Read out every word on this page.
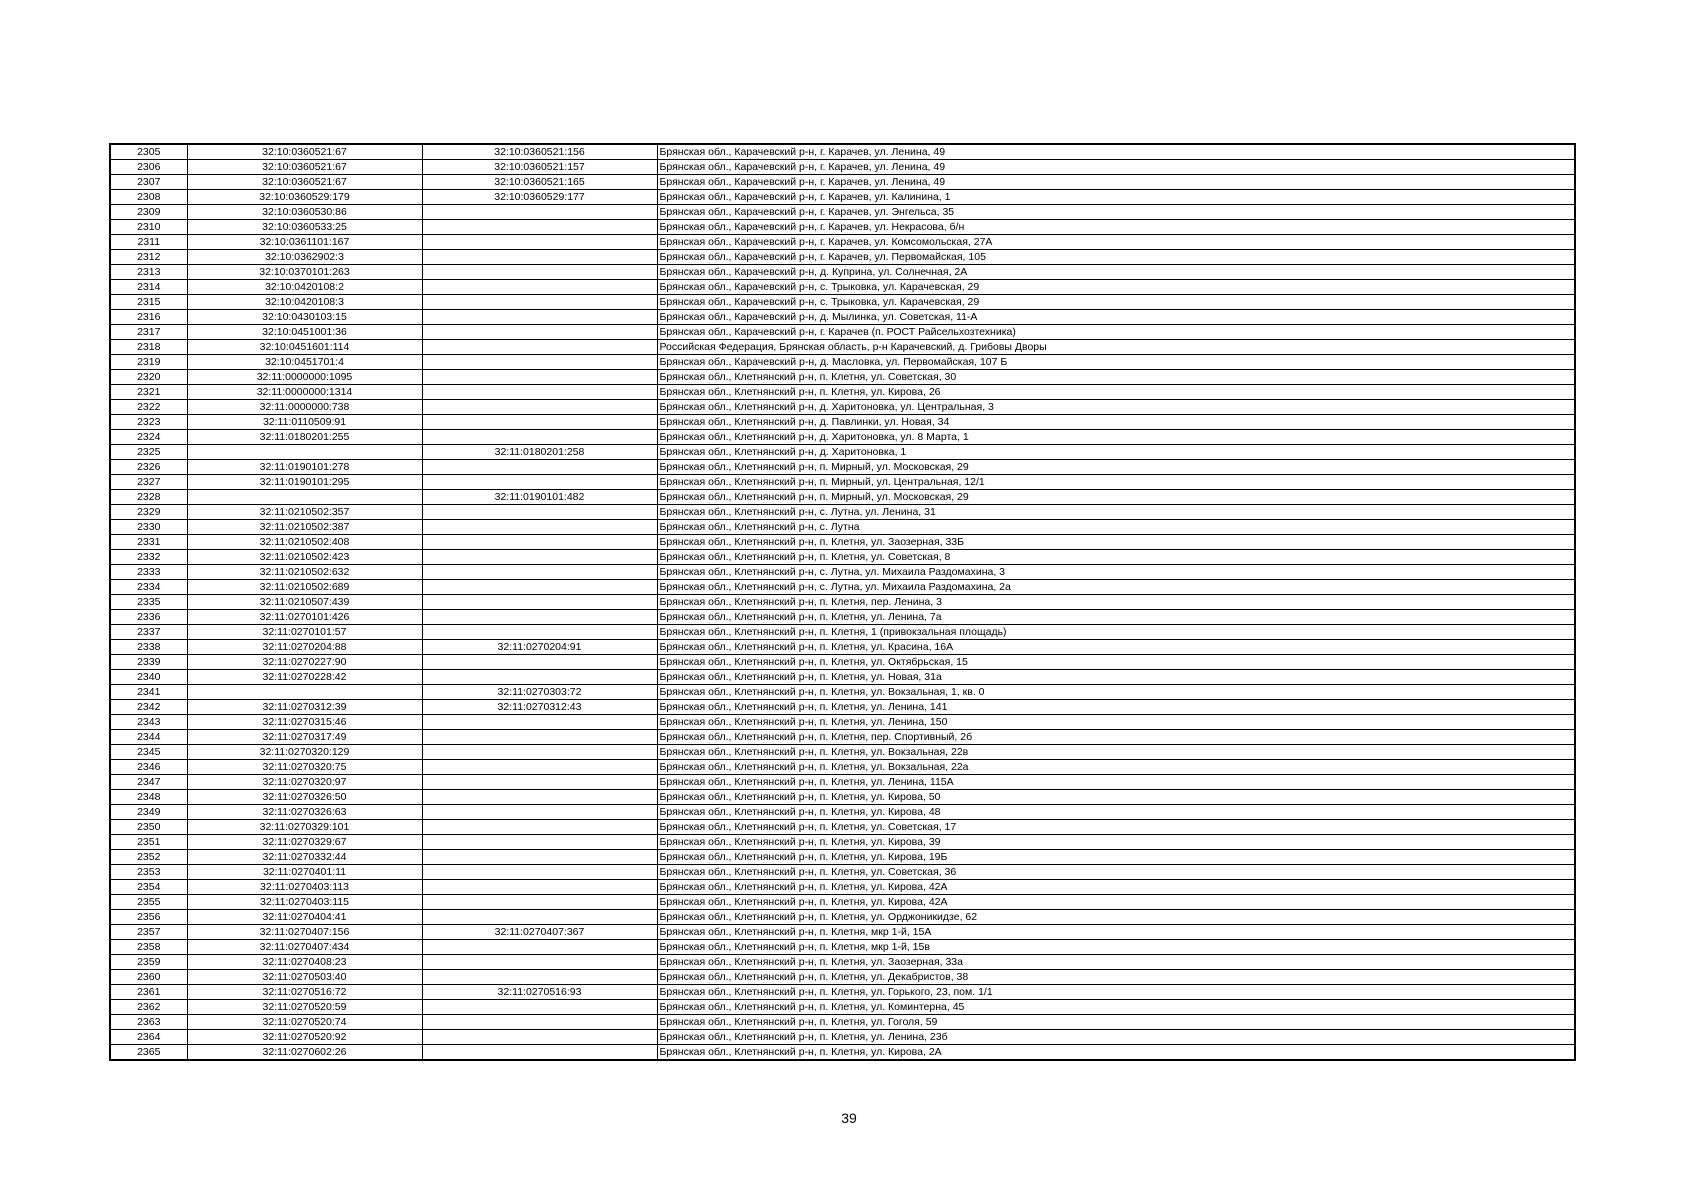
2305	32:10:0360521:67	32:10:0360521:156	Брянская обл., Карачевский р-н, г. Карачев, ул. Ленина, 49
2306	32:10:0360521:67	32:10:0360521:157	Брянская обл., Карачевский р-н, г. Карачев, ул. Ленина, 49
2307	32:10:0360521:67	32:10:0360521:165	Брянская обл., Карачевский р-н, г. Карачев, ул. Ленина, 49
2308	32:10:0360529:179	32:10:0360529:177	Брянская обл., Карачевский р-н, г. Карачев, ул. Калинина, 1
2309	32:10:0360530:86		Брянская обл., Карачевский р-н, г. Карачев, ул. Энгельса, 35
2310	32:10:0360533:25		Брянская обл., Карачевский р-н, г. Карачев, ул. Некрасова, б/н
2311	32:10:0361101:167		Брянская обл., Карачевский р-н, г. Карачев, ул. Комсомольская, 27А
2312	32:10:0362902:3		Брянская обл., Карачевский р-н, г. Карачев, ул. Первомайская, 105
2313	32:10:0370101:263		Брянская обл., Карачевский р-н, д. Куприна, ул. Солнечная, 2А
2314	32:10:0420108:2		Брянская обл., Карачевский р-н, с. Трыковка, ул. Карачевская, 29
2315	32:10:0420108:3		Брянская обл., Карачевский р-н, с. Трыковка, ул. Карачевская, 29
2316	32:10:0430103:15		Брянская обл., Карачевский р-н, д. Мылинка, ул. Советская, 11-А
2317	32:10:0451001:36		Брянская обл., Карачевский р-н, г. Карачев (п. РОСТ Райсельхозтехника)
2318	32:10:0451601:114		Российская Федерация, Брянская область, р-н Карачевский, д. Грибовы Дворы
2319	32:10:0451701:4		Брянская обл., Карачевский р-н, д. Масловка, ул. Первомайская, 107 Б
2320	32:11:0000000:1095		Брянская обл., Клетнянский р-н, п. Клетня, ул. Советская, 30
2321	32:11:0000000:1314		Брянская обл., Клетнянский р-н, п. Клетня, ул. Кирова, 26
2322	32:11:0000000:738		Брянская обл., Клетнянский р-н, д. Харитоновка, ул. Центральная, 3
2323	32:11:0110509:91		Брянская обл., Клетнянский р-н, д. Павлинки, ул. Новая, 34
2324	32:11:0180201:255		Брянская обл., Клетнянский р-н, д. Харитоновка, ул. 8 Марта, 1
2325		32:11:0180201:258	Брянская обл., Клетнянский р-н, д. Харитоновка, 1
2326	32:11:0190101:278		Брянская обл., Клетнянский р-н, п. Мирный, ул. Московская, 29
2327	32:11:0190101:295		Брянская обл., Клетнянский р-н, п. Мирный, ул. Центральная, 12/1
2328		32:11:0190101:482	Брянская обл., Клетнянский р-н, п. Мирный, ул. Московская, 29
2329	32:11:0210502:357		Брянская обл., Клетнянский р-н, с. Лутна, ул. Ленина, 31
2330	32:11:0210502:387		Брянская обл., Клетнянский р-н, с. Лутна
2331	32:11:0210502:408		Брянская обл., Клетнянский р-н, п. Клетня, ул. Заозерная, 33Б
2332	32:11:0210502:423		Брянская обл., Клетнянский р-н, п. Клетня, ул. Советская, 8
2333	32:11:0210502:632		Брянская обл., Клетнянский р-н, с. Лутна, ул. Михаила Раздомахина, 3
2334	32:11:0210502:689		Брянская обл., Клетнянский р-н, с. Лутна, ул. Михаила Раздомахина, 2а
2335	32:11:0210507:439		Брянская обл., Клетнянский р-н, п. Клетня, пер. Ленина, 3
2336	32:11:0270101:426		Брянская обл., Клетнянский р-н, п. Клетня, ул. Ленина, 7а
2337	32:11:0270101:57		Брянская обл., Клетнянский р-н, п. Клетня, 1 (привокзальная площадь)
2338	32:11:0270204:88	32:11:0270204:91	Брянская обл., Клетнянский р-н, п. Клетня, ул. Красина, 16А
2339	32:11:0270227:90		Брянская обл., Клетнянский р-н, п. Клетня, ул. Октябрьская, 15
2340	32:11:0270228:42		Брянская обл., Клетнянский р-н, п. Клетня, ул. Новая, 31а
2341		32:11:0270303:72	Брянская обл., Клетнянский р-н, п. Клетня, ул. Вокзальная, 1, кв. 0
2342	32:11:0270312:39	32:11:0270312:43	Брянская обл., Клетнянский р-н, п. Клетня, ул. Ленина, 141
2343	32:11:0270315:46		Брянская обл., Клетнянский р-н, п. Клетня, ул. Ленина, 150
2344	32:11:0270317:49		Брянская обл., Клетнянский р-н, п. Клетня, пер. Спортивный, 2б
2345	32:11:0270320:129		Брянская обл., Клетнянский р-н, п. Клетня, ул. Вокзальная, 22в
2346	32:11:0270320:75		Брянская обл., Клетнянский р-н, п. Клетня, ул. Вокзальная, 22а
2347	32:11:0270320:97		Брянская обл., Клетнянский р-н, п. Клетня, ул. Ленина, 115А
2348	32:11:0270326:50		Брянская обл., Клетнянский р-н, п. Клетня, ул. Кирова, 50
2349	32:11:0270326:63		Брянская обл., Клетнянский р-н, п. Клетня, ул. Кирова, 48
2350	32:11:0270329:101		Брянская обл., Клетнянский р-н, п. Клетня, ул. Советская, 17
2351	32:11:0270329:67		Брянская обл., Клетнянский р-н, п. Клетня, ул. Кирова, 39
2352	32:11:0270332:44		Брянская обл., Клетнянский р-н, п. Клетня, ул. Кирова, 19Б
2353	32:11:0270401:11		Брянская обл., Клетнянский р-н, п. Клетня, ул. Советская, 36
2354	32:11:0270403:113		Брянская обл., Клетнянский р-н, п. Клетня, ул. Кирова, 42А
2355	32:11:0270403:115		Брянская обл., Клетнянский р-н, п. Клетня, ул. Кирова, 42А
2356	32:11:0270404:41		Брянская обл., Клетнянский р-н, п. Клетня, ул. Орджоникидзе, 62
2357	32:11:0270407:156	32:11:0270407:367	Брянская обл., Клетнянский р-н, п. Клетня, мкр 1-й, 15А
2358	32:11:0270407:434		Брянская обл., Клетнянский р-н, п. Клетня, мкр 1-й, 15в
2359	32:11:0270408:23		Брянская обл., Клетнянский р-н, п. Клетня, ул. Заозерная, 33а
2360	32:11:0270503:40		Брянская обл., Клетнянский р-н, п. Клетня, ул. Декабристов, 38
2361	32:11:0270516:72	32:11:0270516:93	Брянская обл., Клетнянский р-н, п. Клетня, ул. Горького, 23, пом. 1/1
2362	32:11:0270520:59		Брянская обл., Клетнянский р-н, п. Клетня, ул. Коминтерна, 45
2363	32:11:0270520:74		Брянская обл., Клетнянский р-н, п. Клетня, ул. Гоголя, 59
2364	32:11:0270520:92		Брянская обл., Клетнянский р-н, п. Клетня, ул. Ленина, 23б
2365	32:11:0270602:26		Брянская обл., Клетнянский р-н, п. Клетня, ул. Кирова, 2А
39
